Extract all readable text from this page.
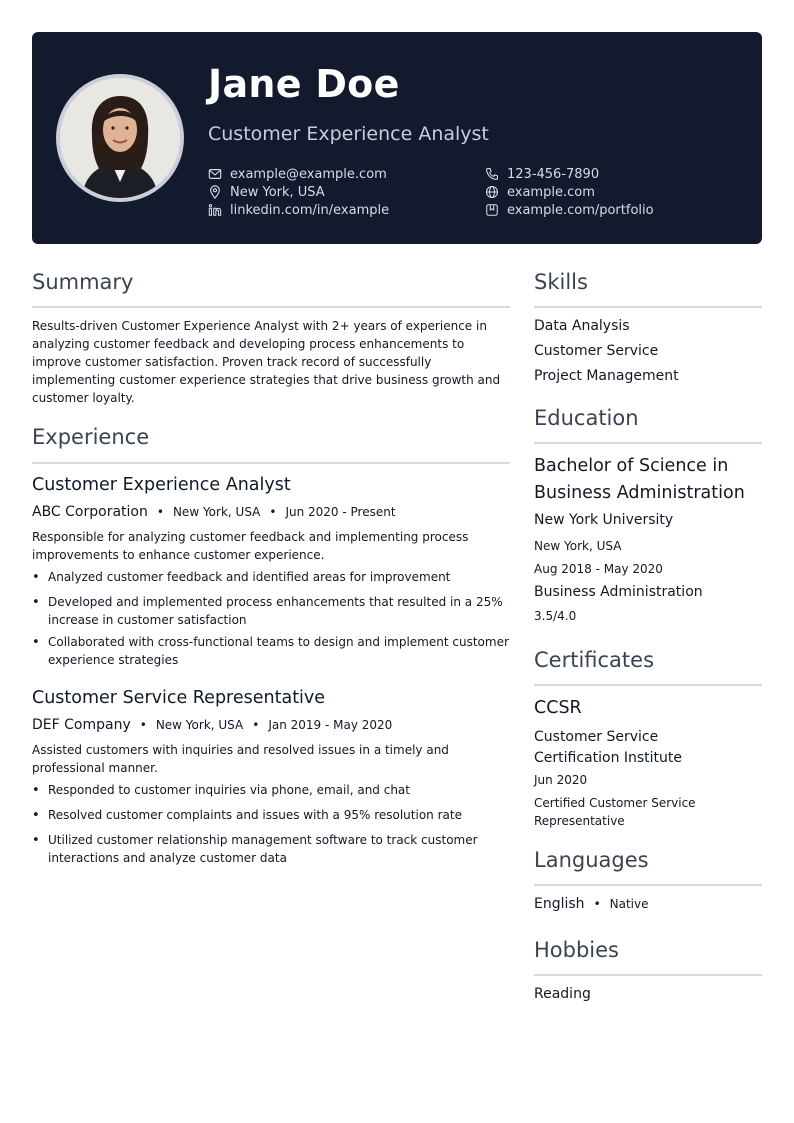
Jane Doe
Customer Experience Analyst
example@example.com
New York, USA
linkedin.com/in/example
123-456-7890
example.com
example.com/portfolio
Summary
Results-driven Customer Experience Analyst with 2+ years of experience in analyzing customer feedback and developing process enhancements to improve customer satisfaction. Proven track record of successfully implementing customer experience strategies that drive business growth and customer loyalty.
Experience
Customer Experience Analyst
ABC Corporation • New York, USA • Jun 2020 - Present
Responsible for analyzing customer feedback and implementing process improvements to enhance customer experience.
• Analyzed customer feedback and identified areas for improvement
• Developed and implemented process enhancements that resulted in a 25% increase in customer satisfaction
• Collaborated with cross-functional teams to design and implement customer experience strategies
Customer Service Representative
DEF Company • New York, USA • Jan 2019 - May 2020
Assisted customers with inquiries and resolved issues in a timely and professional manner.
• Responded to customer inquiries via phone, email, and chat
• Resolved customer complaints and issues with a 95% resolution rate
• Utilized customer relationship management software to track customer interactions and analyze customer data
Skills
Data Analysis
Customer Service
Project Management
Education
Bachelor of Science in Business Administration
New York University
New York, USA
Aug 2018 - May 2020
Business Administration
3.5/4.0
Certificates
CCSR
Customer Service Certification Institute
Jun 2020
Certified Customer Service Representative
Languages
English • Native
Hobbies
Reading
